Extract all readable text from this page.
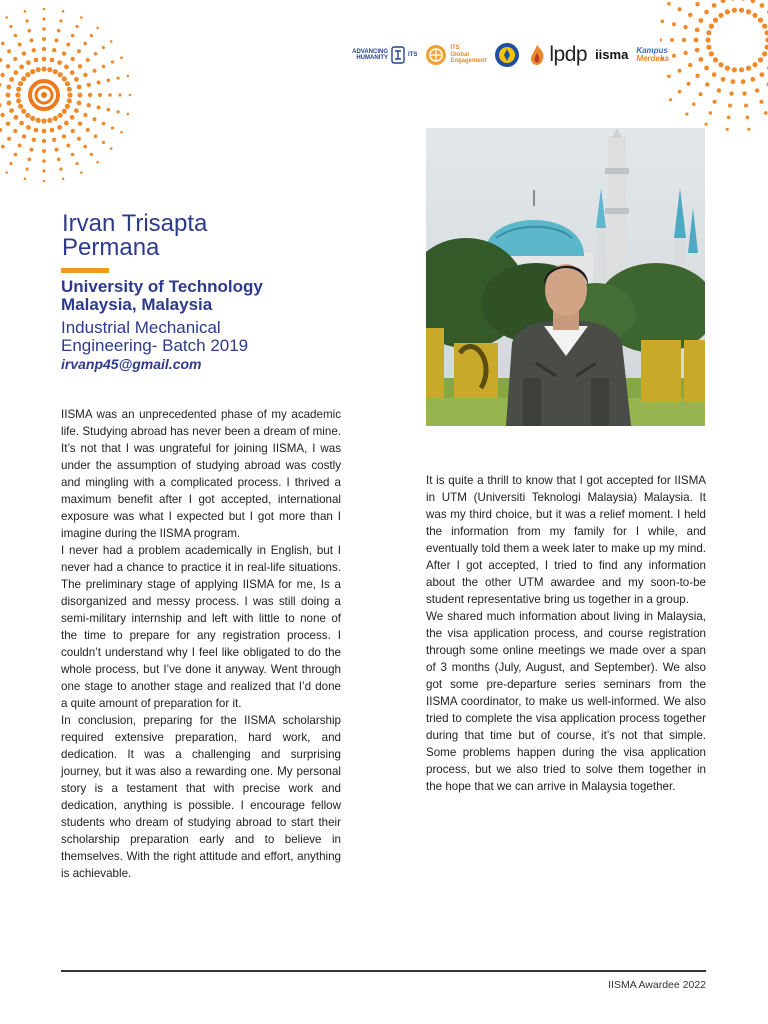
ADVANCING HUMANITY	ITS
ITS
Global
Engagement	lpdp iisma Kampus
Merdeka
Irvan Trisapta
Permana
University of Technology
Malaysia, Malaysia
Industrial Mechanical
Engineering- Batch 2019
irvanp45@gmail.com

IISMA was an unprecedented phase of my academic life. Studying abroad has never been a dream of mine. It’s not that I was ungrateful for joining IISMA, I was under the assumption of studying abroad was costly and mingling with a complicated process. I thrived a maximum benefit after I got accepted, international exposure was what I expected but I got more than I imagine during the IISMA program.

I never had a problem academically in English, but I never had a chance to practice it in real-life situations. The preliminary stage of applying IISMA for me, Is a disorganized and messy process. I was still doing a semi-military internship and left with little to none of the time to prepare for any registration process. I couldn’t understand why I feel like obligated to do the whole process, but I’ve done it anyway. Went through one stage to another stage and realized that I’d done a quite amount of preparation for it.

In conclusion, preparing for the IISMA scholarship required extensive preparation, hard work, and dedication. It was a challenging and surprising journey, but it was also a rewarding one. My personal story is a testament that with precise work and dedication, anything is possible. I encourage fellow students who dream of studying abroad to start their scholarship preparation early and to believe in themselves. With the right attitude and effort, anything is achievable.

It is quite a thrill to know that I got accepted for IISMA in UTM (Universiti Teknologi Malaysia) Malaysia. It was my third choice, but it was a relief moment. I held the information from my family for I while, and eventually told them a week later to make up my mind. After I got accepted, I tried to find any information about the other UTM awardee and my soon-to-be student representative bring us together in a group.

We shared much information about living in Malaysia, the visa application process, and course registration through some online meetings we made over a span of 3 months (July, August, and September). We also got some pre-departure series seminars from the IISMA coordinator, to make us well-informed. We also tried to complete the visa application process together during that time but of course, it’s not that simple. Some problems happen during the visa application process, but we also tried to solve them together in the hope that we can arrive in Malaysia together.

IISMA Awardee 2022
